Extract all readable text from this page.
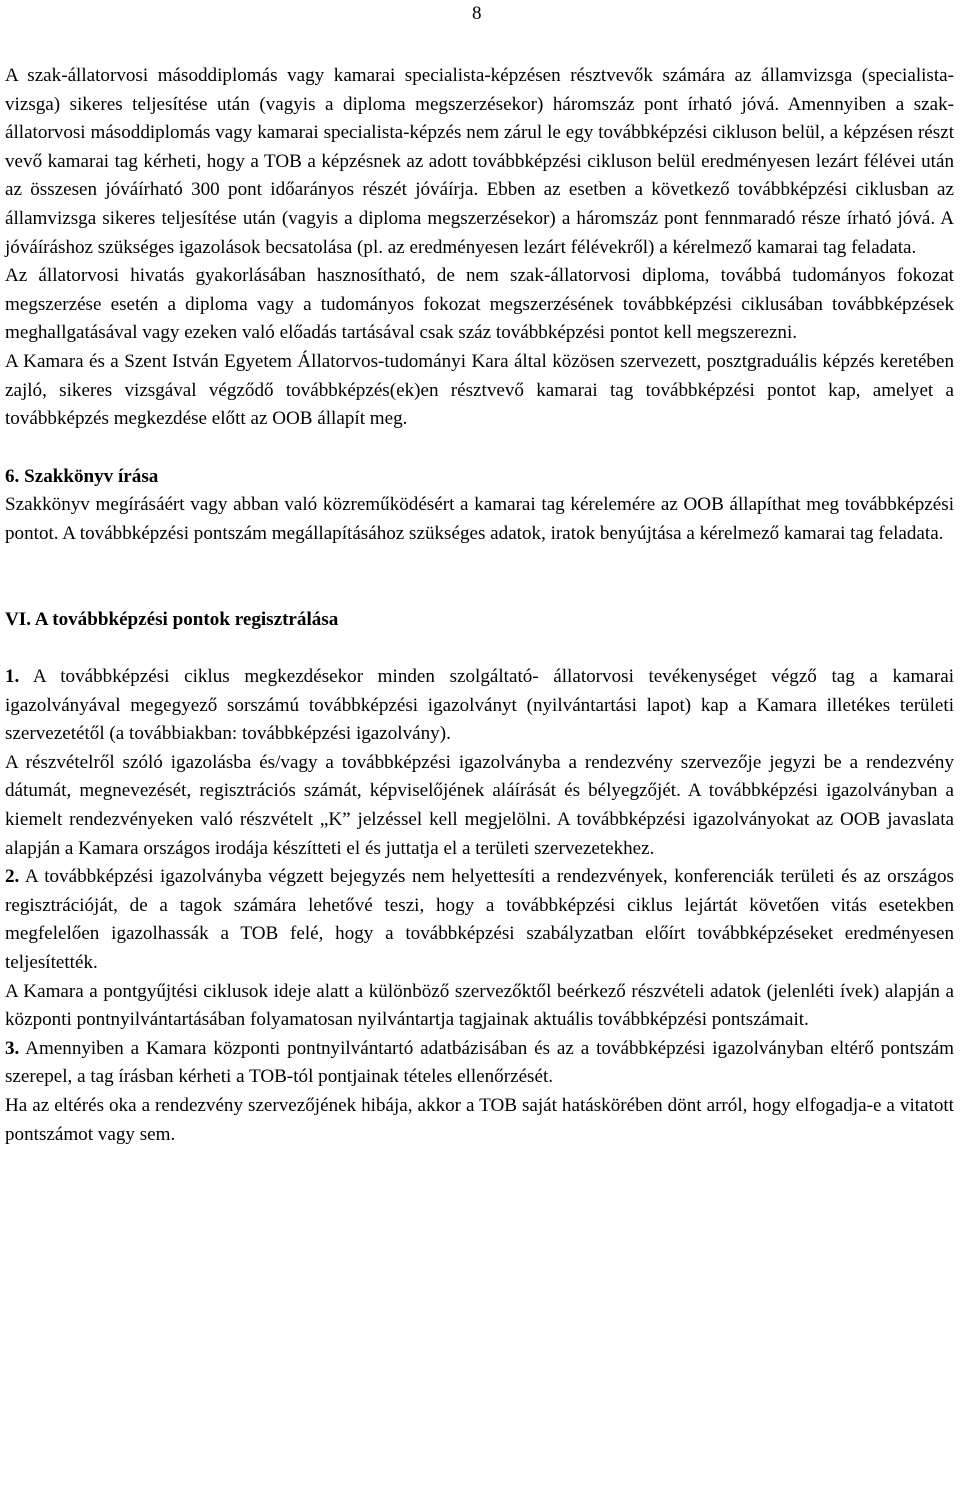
8

A szak-állatorvosi másoddiplomás vagy kamarai specialista-képzésen résztvevők számára az államvizsga (specialista-vizsga) sikeres teljesítése után (vagyis a diploma megszerzésekor) háromszáz pont írható jóvá. Amennyiben a szak-állatorvosi másoddiplomás vagy kamarai specialista-képzés nem zárul le egy továbbképzési cikluson belül, a képzésen részt vevő kamarai tag kérheti, hogy a TOB a képzésnek az adott továbbképzési cikluson belül eredményesen lezárt félévei után az összesen jóváírható 300 pont időarányos részét jóváírja. Ebben az esetben a következő továbbképzési ciklusban az államvizsga sikeres teljesítése után (vagyis a diploma megszerzésekor) a háromszáz pont fennmaradó része írható jóvá. A jóváíráshoz szükséges igazolások becsatolása (pl. az eredményesen lezárt félévekről) a kérelmező kamarai tag feladata.

Az állatorvosi hivatás gyakorlásában hasznosítható, de nem szak-állatorvosi diploma, továbbá tudományos fokozat megszerzése esetén a diploma vagy a tudományos fokozat megszerzésének továbbképzési ciklusában továbbképzések meghallgatásával vagy ezeken való előadás tartásával csak száz továbbképzési pontot kell megszerezni.

A Kamara és a Szent István Egyetem Állatorvos-tudományi Kara által közösen szervezett, posztgraduális képzés keretében zajló, sikeres vizsgával végződő továbbképzés(ek)en résztvevő kamarai tag továbbképzési pontot kap, amelyet a továbbképzés megkezdése előtt az OOB állapít meg.

6. Szakkönyv írása

Szakkönyv megírásáért vagy abban való közreműködésért a kamarai tag kérelemére az OOB állapíthat meg továbbképzési pontot. A továbbképzési pontszám megállapításához szükséges adatok, iratok benyújtása a kérelmező kamarai tag feladata.

VI. A továbbképzési pontok regisztrálása

1. A továbbképzési ciklus megkezdésekor minden szolgáltató- állatorvosi tevékenységet végző tag a kamarai igazolványával megegyező sorszámú továbbképzési igazolványt (nyilvántartási lapot) kap a Kamara illetékes területi szervezetétől (a továbbiakban: továbbképzési igazolvány).

A részvételről szóló igazolásba és/vagy a továbbképzési igazolványba a rendezvény szervezője jegyzi be a rendezvény dátumát, megnevezését, regisztrációs számát, képviselőjének aláírását és bélyegzőjét. A továbbképzési igazolványban a kiemelt rendezvényeken való részvételt „K” jelzéssel kell megjelölni. A továbbképzési igazolványokat az OOB javaslata alapján a Kamara országos irodája készítteti el és juttatja el a területi szervezetekhez.

2. A továbbképzési igazolványba végzett bejegyzés nem helyettesíti a rendezvények, konferenciák területi és az országos regisztrációját, de a tagok számára lehetővé teszi, hogy a továbbképzési ciklus lejártát követően vitás esetekben megfelelően igazolhassák a TOB felé, hogy a továbbképzési szabályzatban előírt továbbképzéseket eredményesen teljesítették.

A Kamara a pontgyűjtési ciklusok ideje alatt a különböző szervezőktől beérkező részvételi adatok (jelenléti ívek) alapján a központi pontnyilvántartásában folyamatosan nyilvántartja tagjainak aktuális továbbképzési pontszámait.

3. Amennyiben a Kamara központi pontnyilvántartó adatbázisában és az a továbbképzési igazolványban eltérő pontszám szerepel, a tag írásban kérheti a TOB-tól pontjainak tételes ellenőrzését.

Ha az eltérés oka a rendezvény szervezőjének hibája, akkor a TOB saját hatáskörében dönt arról, hogy elfogadja-e a vitatott pontszámot vagy sem.
